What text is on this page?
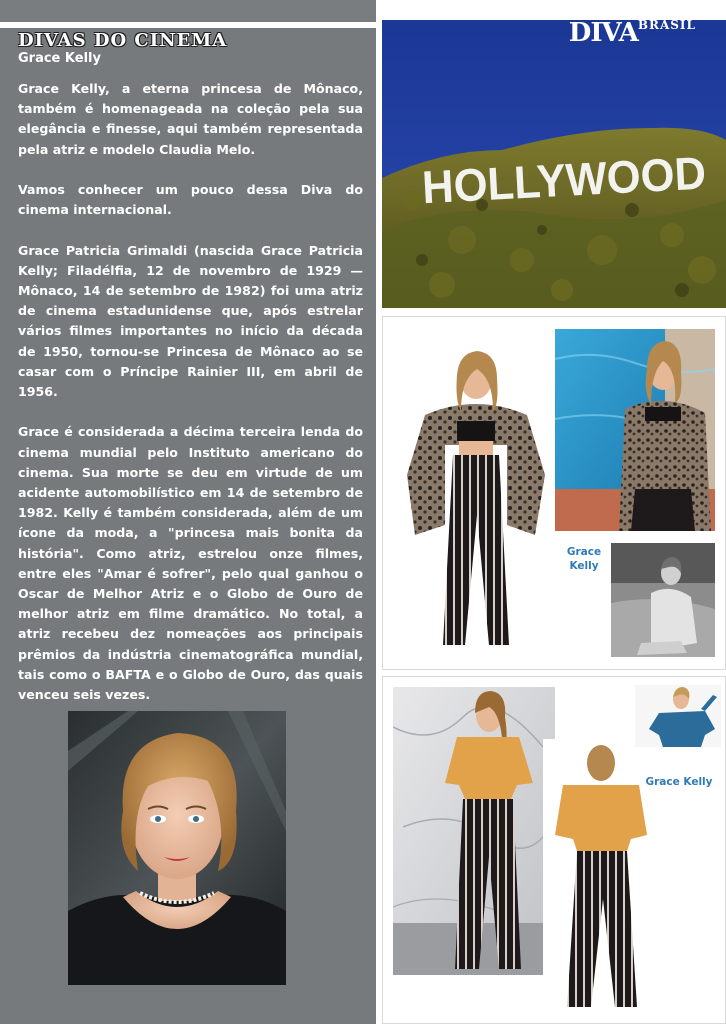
DIVAS DO CINEMA
Grace Kelly

Grace Kelly, a eterna princesa de Mônaco, também é homenageada na coleção pela sua elegância e finesse, aqui também representada pela atriz e modelo Claudia Melo.

Vamos conhecer um pouco dessa Diva do cinema internacional.

Grace Patricia Grimaldi (nascida Grace Patricia Kelly; Filadélfia, 12 de novembro de 1929 — Mônaco, 14 de setembro de 1982) foi uma atriz de cinema estadunidense que, após estrelar vários filmes importantes no início da década de 1950, tornou-se Princesa de Mônaco ao se casar com o Príncipe Rainier III, em abril de 1956.

Grace é considerada a décima terceira lenda do cinema mundial pelo Instituto americano do cinema. Sua morte se deu em virtude de um acidente automobilístico em 14 de setembro de 1982. Kelly é também considerada, além de um ícone da moda, a "princesa mais bonita da história". Como atriz, estrelou onze filmes, entre eles "Amar é sofrer", pelo qual ganhou o Oscar de Melhor Atriz e o Globo de Ouro de melhor atriz em filme dramático. No total, a atriz recebeu dez nomeações aos principais prêmios da indústria cinematográfica mundial, tais como o BAFTA e o Globo de Ouro, das quais venceu seis vezes.

HOLLYWOOD
$DIVA^{BRASIL}$
Grace
Kelly
Grace Kelly
